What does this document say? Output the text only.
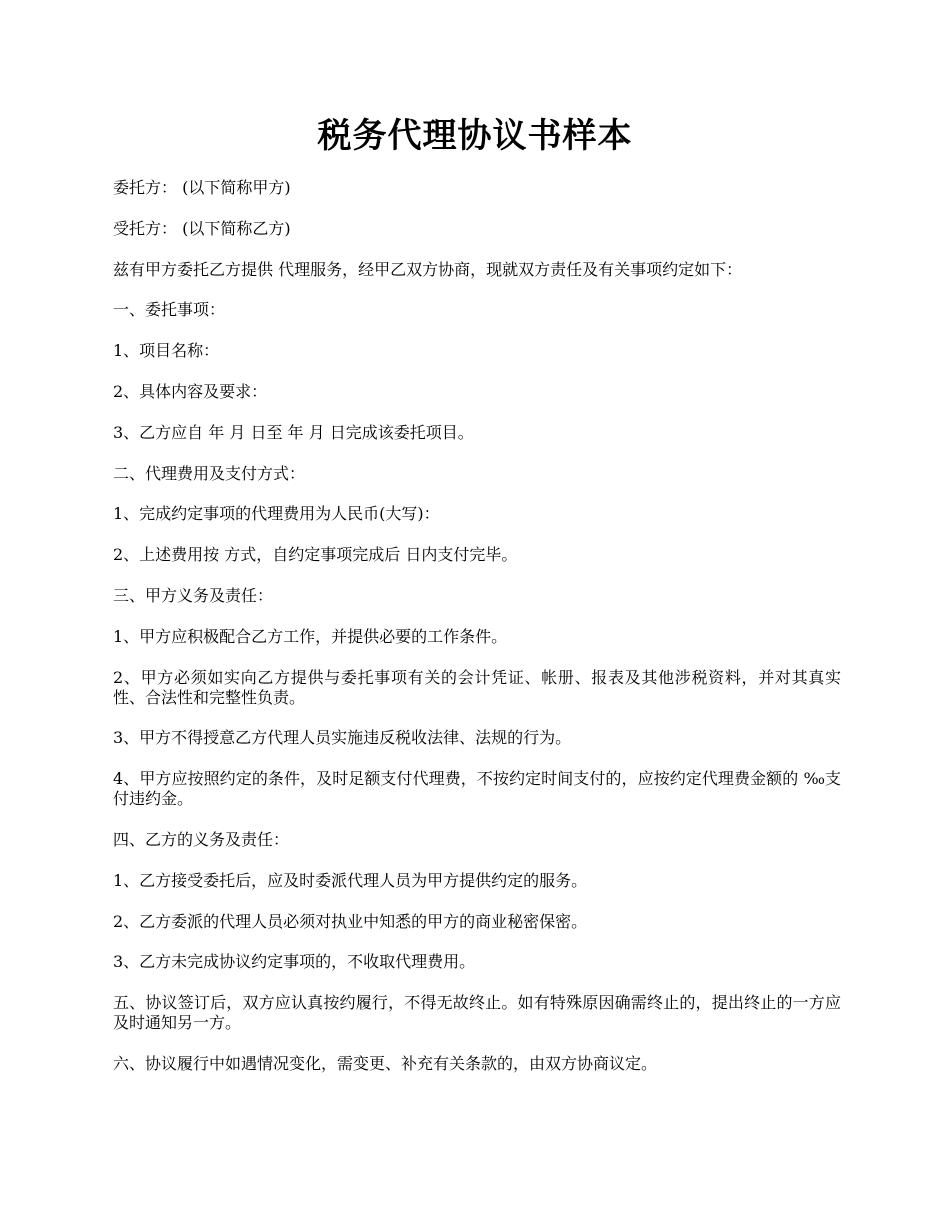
税务代理协议书样本

委托方： (以下简称甲方)

受托方： (以下简称乙方)

兹有甲方委托乙方提供 代理服务，经甲乙双方协商，现就双方责任及有关事项约定如下：

一、委托事项：

1、项目名称：

2、具体内容及要求：

3、乙方应自 年 月 日至 年 月 日完成该委托项目。

二、代理费用及支付方式：

1、完成约定事项的代理费用为人民币(大写)：

2、上述费用按 方式，自约定事项完成后 日内支付完毕。

三、甲方义务及责任：

1、甲方应积极配合乙方工作，并提供必要的工作条件。

2、甲方必须如实向乙方提供与委托事项有关的会计凭证、帐册、报表及其他涉税资料，并对其真实性、合法性和完整性负责。

3、甲方不得授意乙方代理人员实施违反税收法律、法规的行为。

4、甲方应按照约定的条件，及时足额支付代理费，不按约定时间支付的，应按约定代理费金额的 ‰支付违约金。

四、乙方的义务及责任：

1、乙方接受委托后，应及时委派代理人员为甲方提供约定的服务。

2、乙方委派的代理人员必须对执业中知悉的甲方的商业秘密保密。

3、乙方未完成协议约定事项的，不收取代理费用。

五、协议签订后，双方应认真按约履行，不得无故终止。如有特殊原因确需终止的，提出终止的一方应及时通知另一方。

六、协议履行中如遇情况变化，需变更、补充有关条款的，由双方协商议定。
